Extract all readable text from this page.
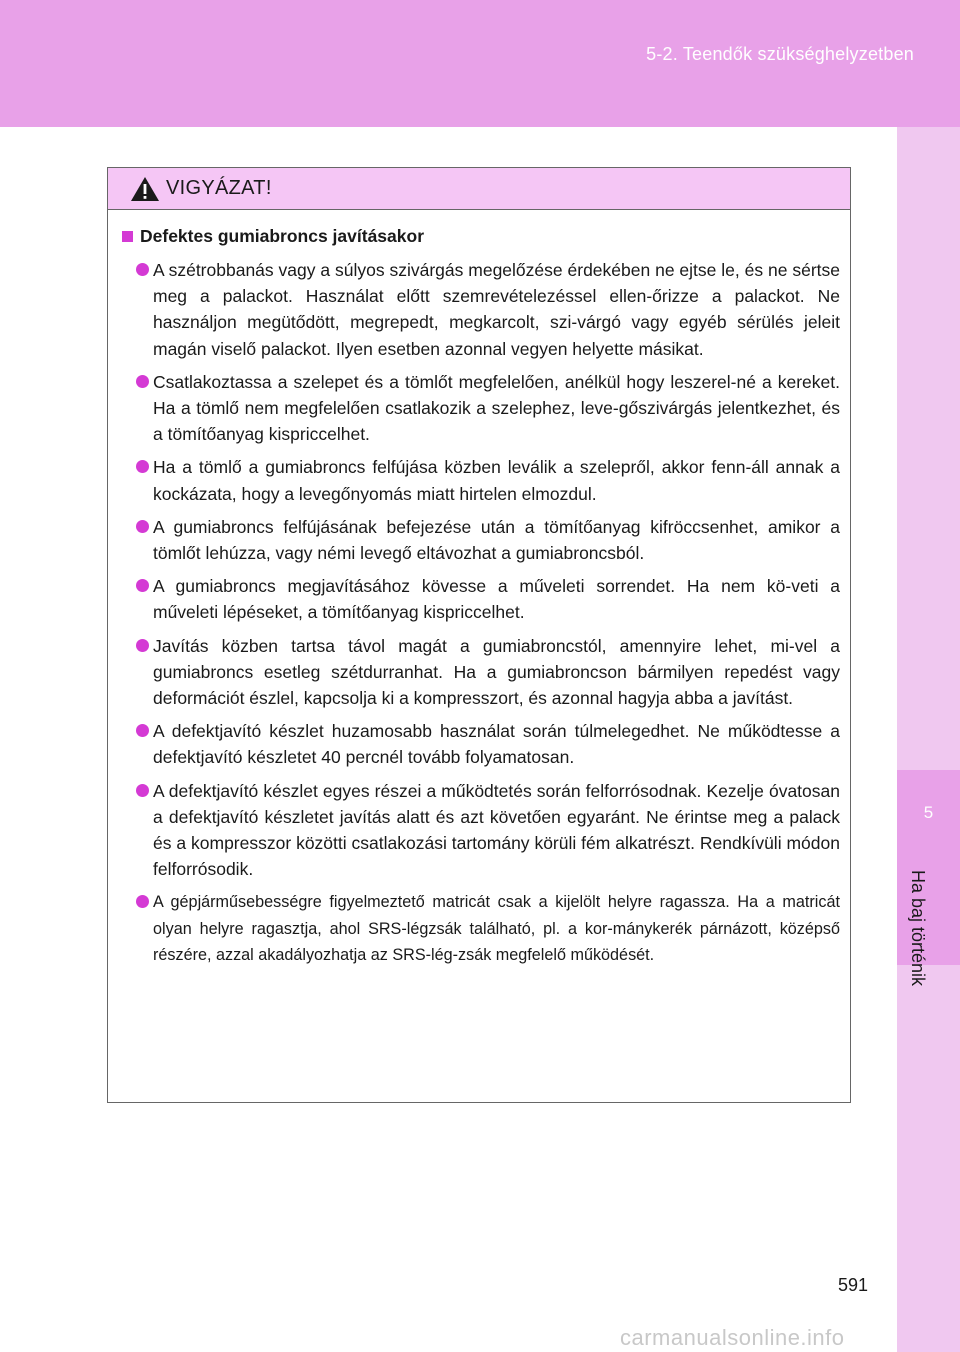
5-2. Teendők szükséghelyzetben
5
Ha baj történik
VIGYÁZAT!
Defektes gumiabroncs javításakor
A szétrobbanás vagy a súlyos szivárgás megelőzése érdekében ne ejtse le, és ne sértse meg a palackot. Használat előtt szemrevételezéssel ellen-őrizze a palackot. Ne használjon megütődött, megrepedt, megkarcolt, szi-várgó vagy egyéb sérülés jeleit magán viselő palackot. Ilyen esetben azonnal vegyen helyette másikat.
Csatlakoztassa a szelepet és a tömlőt megfelelően, anélkül hogy leszerel-né a kereket. Ha a tömlő nem megfelelően csatlakozik a szelephez, leve-gőszivárgás jelentkezhet, és a tömítőanyag kispriccelhet.
Ha a tömlő a gumiabroncs felfújása közben leválik a szelepről, akkor fenn-áll annak a kockázata, hogy a levegőnyomás miatt hirtelen elmozdul.
A gumiabroncs felfújásának befejezése után a tömítőanyag kifröccsenhet, amikor a tömlőt lehúzza, vagy némi levegő eltávozhat a gumiabroncsból.
A gumiabroncs megjavításához kövesse a műveleti sorrendet. Ha nem kö-veti a műveleti lépéseket, a tömítőanyag kispriccelhet.
Javítás közben tartsa távol magát a gumiabroncstól, amennyire lehet, mi-vel a gumiabroncs esetleg szétdurranhat. Ha a gumiabroncson bármilyen repedést vagy deformációt észlel, kapcsolja ki a kompresszort, és azonnal hagyja abba a javítást.
A defektjavító készlet huzamosabb használat során túlmelegedhet. Ne működtesse a defektjavító készletet 40 percnél tovább folyamatosan.
A defektjavító készlet egyes részei a működtetés során felforrósodnak. Kezelje óvatosan a defektjavító készletet javítás alatt és azt követően egyaránt. Ne érintse meg a palack és a kompresszor közötti csatlakozási tartomány körüli fém alkatrészt. Rendkívüli módon felforrósodik.
A gépjárműsebességre figyelmeztető matricát csak a kijelölt helyre ragassza. Ha a matricát olyan helyre ragasztja, ahol SRS-légzsák található, pl. a kor-mánykerék párnázott, középső részére, azzal akadályozhatja az SRS-lég-zsák megfelelő működését.
591
carmanualsonline.info
